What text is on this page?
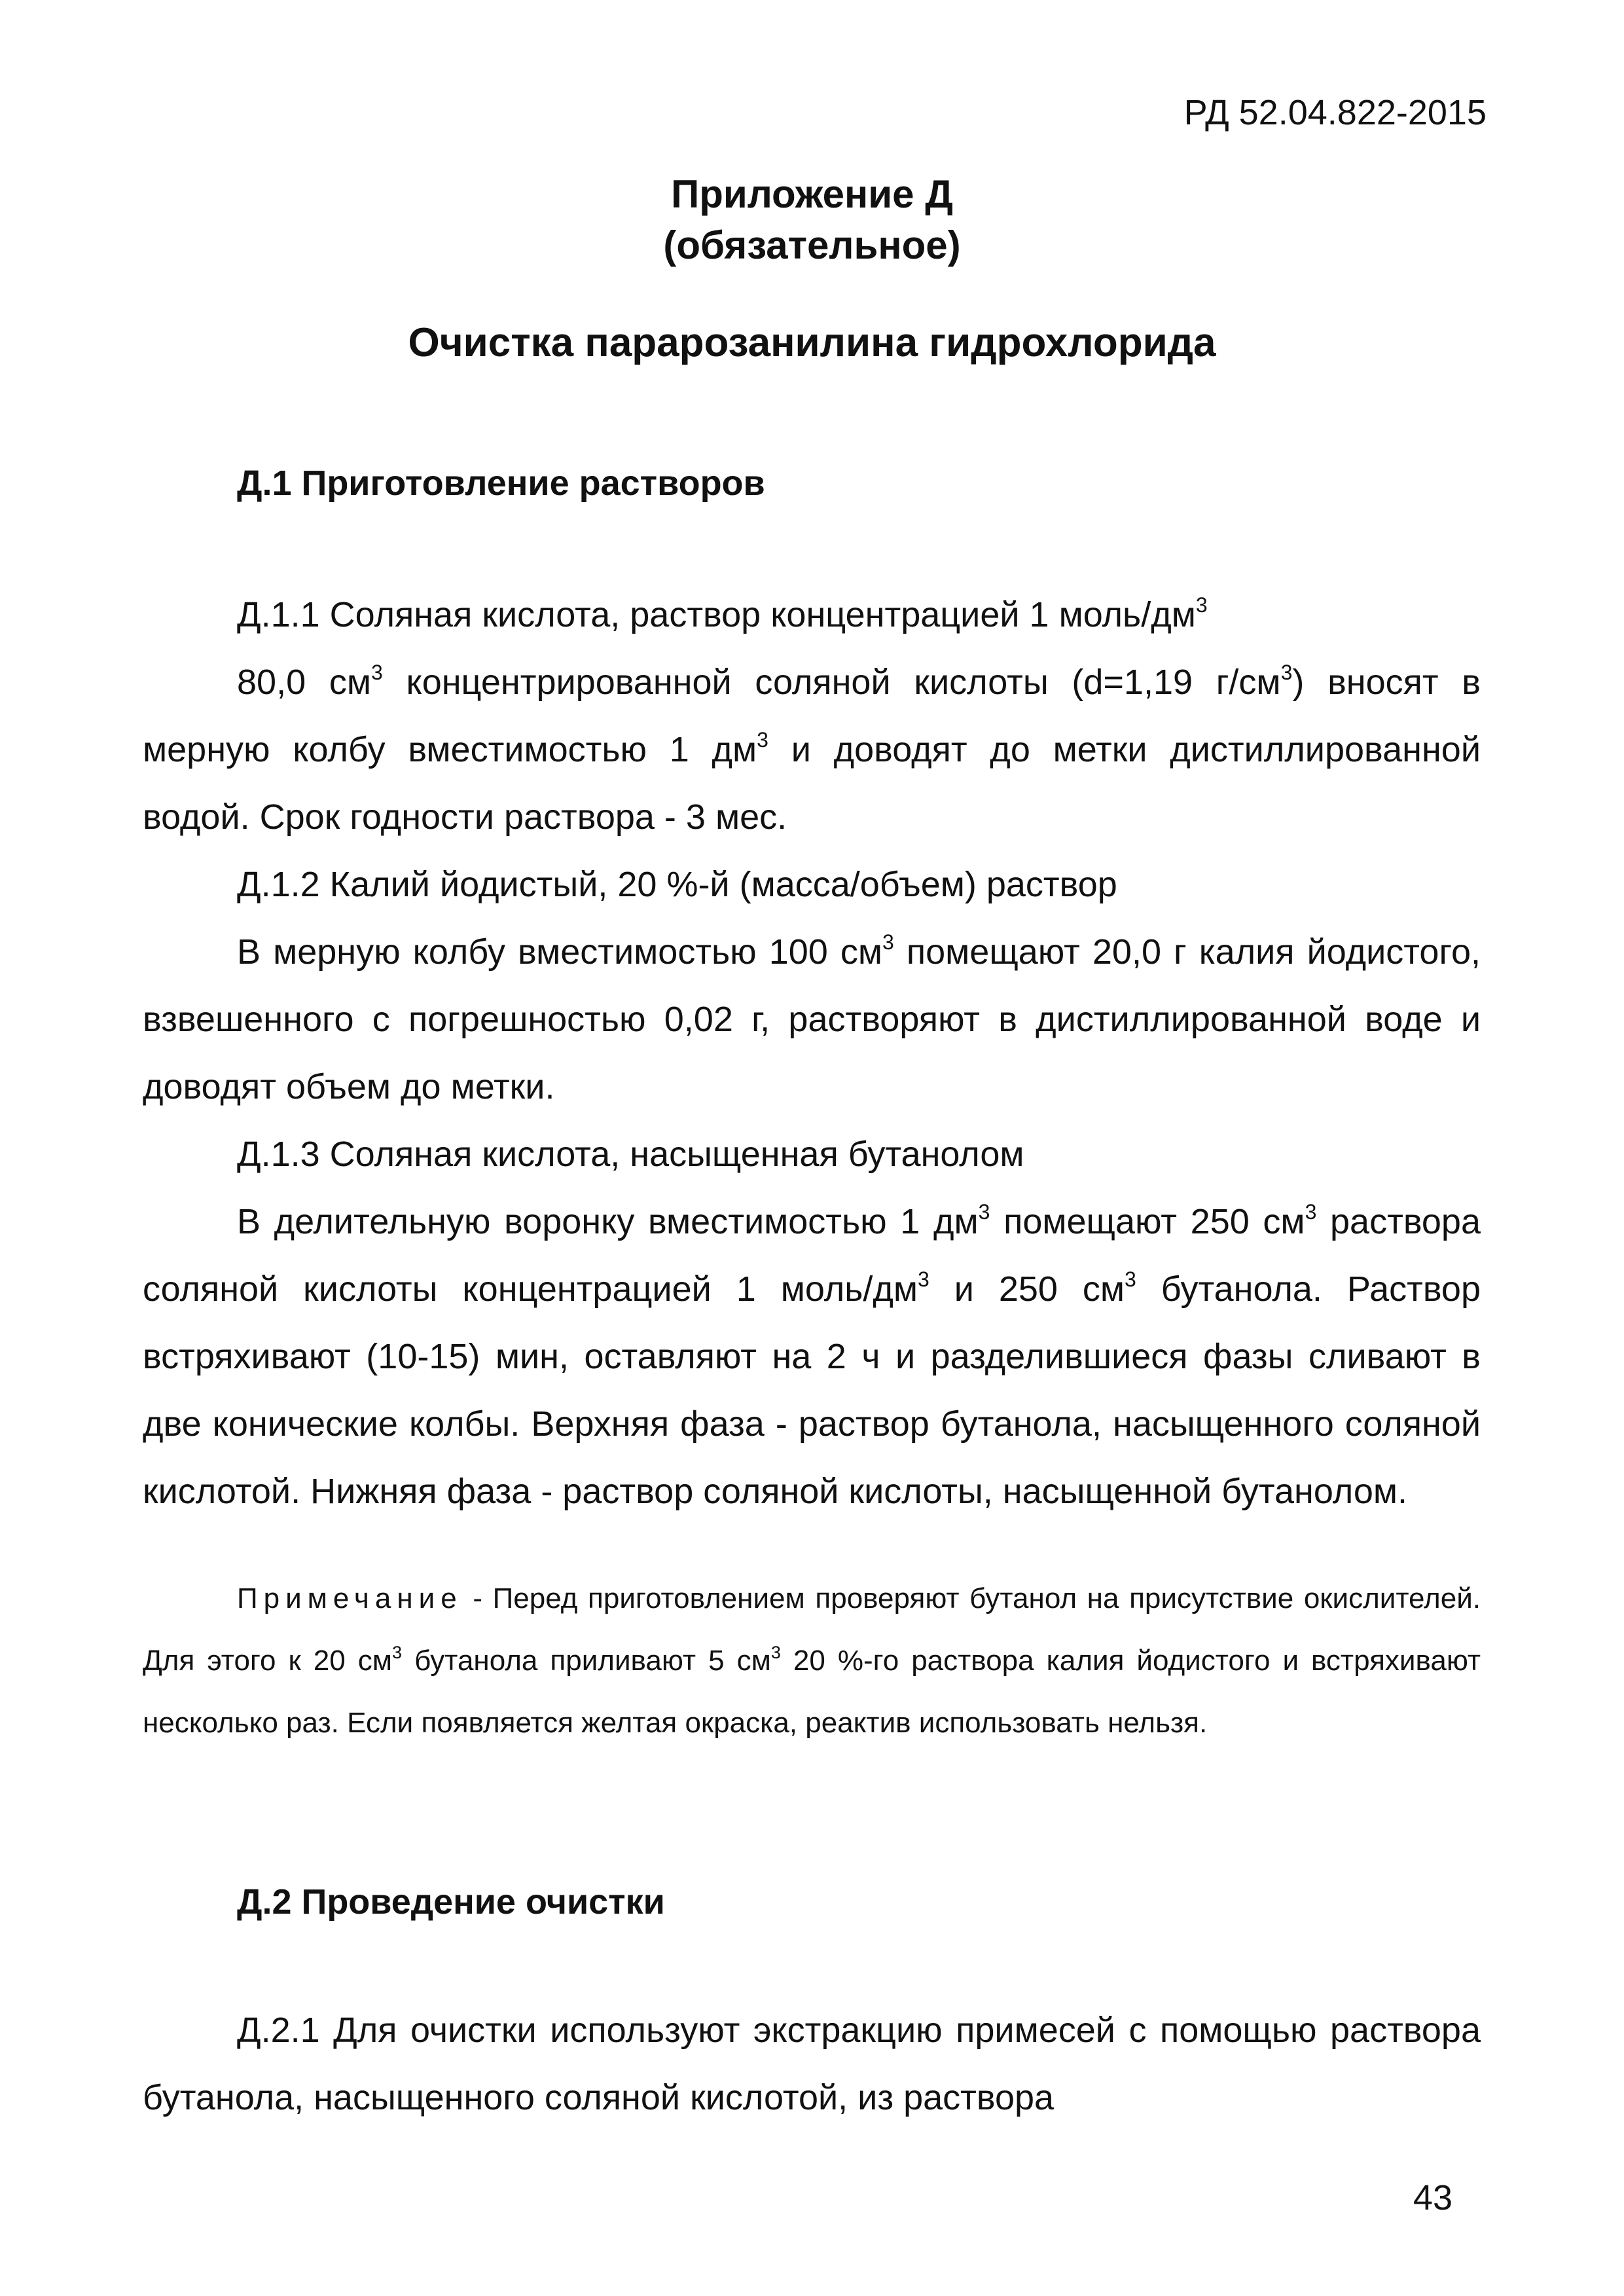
РД 52.04.822-2015
Приложение Д
(обязательное)
Очистка парарозанилина гидрохлорида
Д.1 Приготовление растворов

Д.1.1 Соляная кислота, раствор концентрацией 1 моль/$дм^3$

80,0 $см^3$ концентрированной соляной кислоты (d=1,19 $г/см^3$) вносят в мерную колбу вместимостью 1 $дм^3$ и доводят до метки дистиллированной водой. Срок годности раствора - 3 мес.

Д.1.2 Калий йодистый, 20 %-й (масса/объем) раствор

В мерную колбу вместимостью 100 $см^3$ помещают 20,0 г калия йодистого, взвешенного с погрешностью 0,02 г, растворяют в дистиллированной воде и доводят объем до метки.

Д.1.3 Соляная кислота, насыщенная бутанолом

В делительную воронку вместимостью 1 $дм^3$ помещают 250 $см^3$ раствора соляной кислоты концентрацией 1 моль/$дм^3$ и 250 $см^3$ бутанола. Раствор встряхивают (10-15) мин, оставляют на 2 ч и разделившиеся фазы сливают в две конические колбы. Верхняя фаза - раствор бутанола, насыщенного соляной кислотой. Нижняя фаза - раствор соляной кислоты, насыщенной бутанолом.

Примечание - Перед приготовлением проверяют бутанол на присутствие окислителей. Для этого к 20 $см^3$ бутанола приливают 5 $см^3$ 20 %-го раствора калия йодистого и встряхивают несколько раз. Если появляется желтая окраска, реактив использовать нельзя.

Д.2 Проведение очистки

Д.2.1 Для очистки используют экстракцию примесей с помощью раствора бутанола, насыщенного соляной кислотой, из раствора

43
